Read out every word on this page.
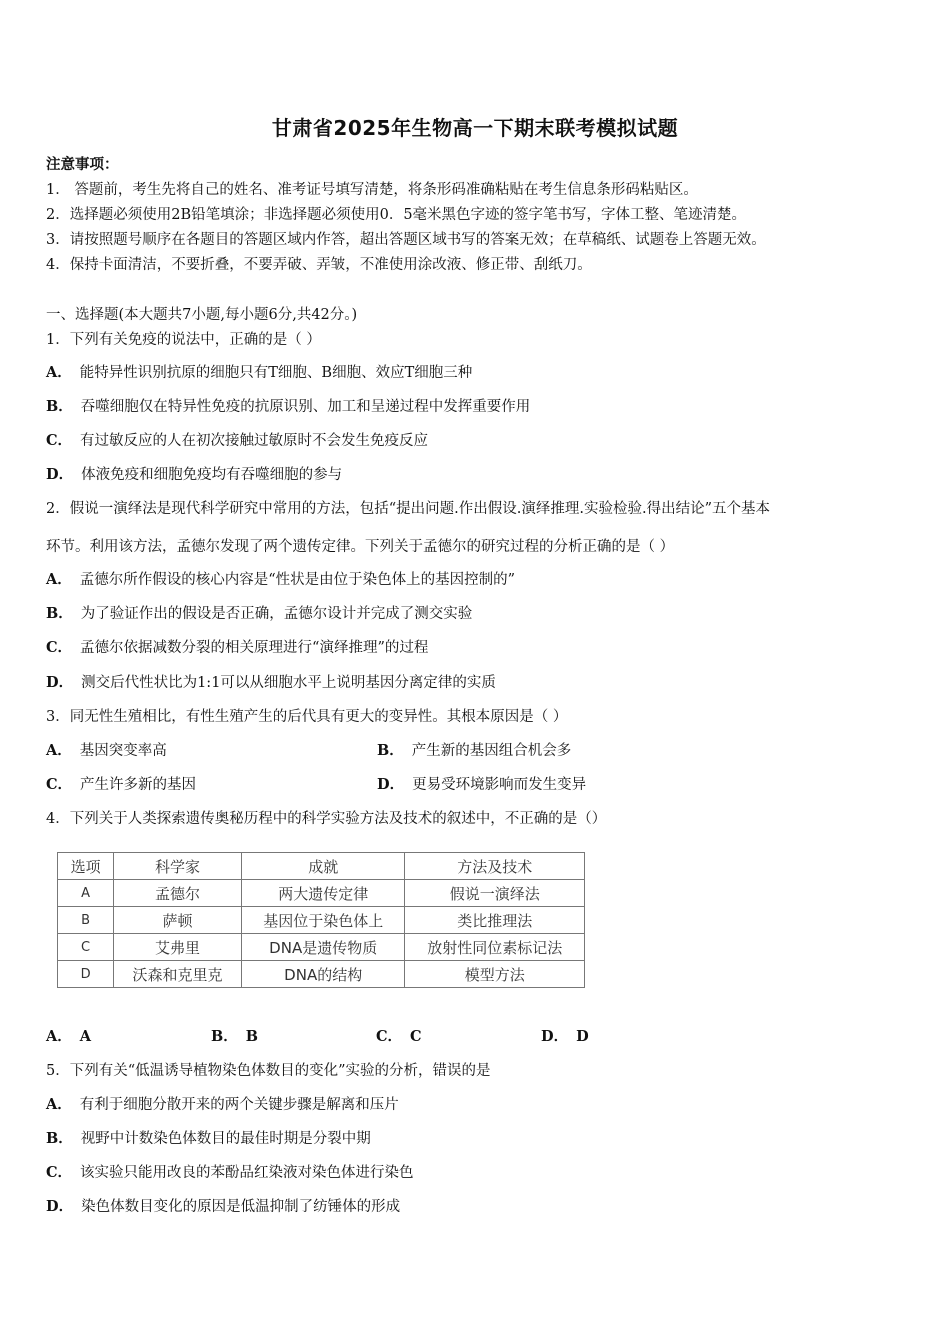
甘肃省2025年生物高一下期末联考模拟试题
注意事项：
1． 答题前，考生先将自己的姓名、准考证号填写清楚，将条形码准确粘贴在考生信息条形码粘贴区。
2．选择题必须使用2B铅笔填涂；非选择题必须使用0．5毫米黑色字迹的签字笔书写，字体工整、笔迹清楚。
3．请按照题号顺序在各题目的答题区域内作答，超出答题区域书写的答案无效；在草稿纸、试题卷上答题无效。
4．保持卡面清洁，不要折叠，不要弄破、弄皱，不准使用涂改液、修正带、刮纸刀。
一、选择题(本大题共7小题,每小题6分,共42分。)
1．下列有关免疫的说法中，正确的是（ ）
A． 能特异性识别抗原的细胞只有T细胞、B细胞、效应T细胞三种
B． 吞噬细胞仅在特异性免疫的抗原识别、加工和呈递过程中发挥重要作用
C． 有过敏反应的人在初次接触过敏原时不会发生免疫反应
D． 体液免疫和细胞免疫均有吞噬细胞的参与
2．假说一演绎法是现代科学研究中常用的方法，包括“提出问题.作出假设.演绎推理.实验检验.得出结论”五个基本
环节。利用该方法，孟德尔发现了两个遗传定律。下列关于孟德尔的研究过程的分析正确的是（ ）
A． 孟德尔所作假设的核心内容是“性状是由位于染色体上的基因控制的”
B． 为了验证作出的假设是否正确，孟德尔设计并完成了测交实验
C． 孟德尔依据减数分裂的相关原理进行“演绎推理”的过程
D． 测交后代性状比为1:1可以从细胞水平上说明基因分离定律的实质
3．同无性生殖相比，有性生殖产生的后代具有更大的变异性。其根本原因是（ ）
A． 基因突变率高	B． 产生新的基因组合机会多
C． 产生许多新的基因	D． 更易受环境影响而发生变异
4．下列关于人类探索遗传奥秘历程中的科学实验方法及技术的叙述中，不正确的是（）
选项	科学家	成就	方法及技术
A	孟德尔	两大遗传定律	假说一演绎法
B	萨顿	基因位于染色体上	类比推理法
C	艾弗里	DNA是遗传物质	放射性同位素标记法
D	沃森和克里克	DNA的结构	模型方法
A． A	B． B	C． C	D． D
5．下列有关“低温诱导植物染色体数目的变化”实验的分析，错误的是
A． 有利于细胞分散开来的两个关键步骤是解离和压片
B． 视野中计数染色体数目的最佳时期是分裂中期
C． 该实验只能用改良的苯酚品红染液对染色体进行染色
D． 染色体数目变化的原因是低温抑制了纺锤体的形成
